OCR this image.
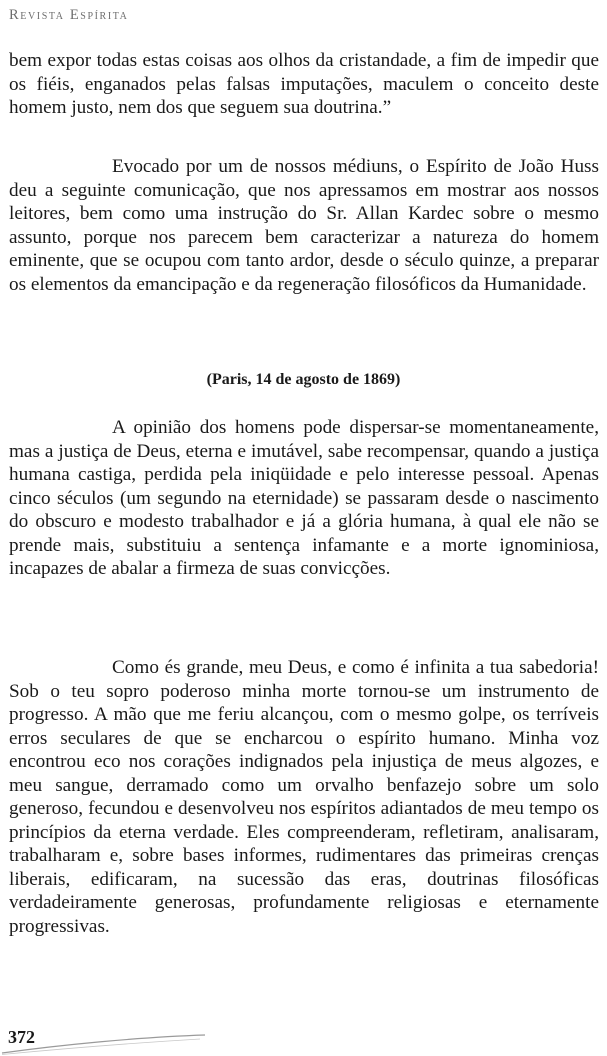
Revista Espírita

bem expor todas estas coisas aos olhos da cristandade, a fim de impedir que os fiéis, enganados pelas falsas imputações, maculem o conceito deste homem justo, nem dos que seguem sua doutrina.”

Evocado por um de nossos médiuns, o Espírito de João Huss deu a seguinte comunicação, que nos apressamos em mostrar aos nossos leitores, bem como uma instrução do Sr. Allan Kardec sobre o mesmo assunto, porque nos parecem bem caracterizar a natureza do homem eminente, que se ocupou com tanto ardor, desde o século quinze, a preparar os elementos da emancipação e da regeneração filosóficos da Humanidade.

(Paris, 14 de agosto de 1869)

A opinião dos homens pode dispersar-se momentaneamente, mas a justiça de Deus, eterna e imutável, sabe recompensar, quando a justiça humana castiga, perdida pela iniqüidade e pelo interesse pessoal. Apenas cinco séculos (um segundo na eternidade) se passaram desde o nascimento do obscuro e modesto trabalhador e já a glória humana, à qual ele não se prende mais, substituiu a sentença infamante e a morte ignominiosa, incapazes de abalar a firmeza de suas convicções.

Como és grande, meu Deus, e como é infinita a tua sabedoria! Sob o teu sopro poderoso minha morte tornou-se um instrumento de progresso. A mão que me feriu alcançou, com o mesmo golpe, os terríveis erros seculares de que se encharcou o espírito humano. Minha voz encontrou eco nos corações indignados pela injustiça de meus algozes, e meu sangue, derramado como um orvalho benfazejo sobre um solo generoso, fecundou e desenvolveu nos espíritos adiantados de meu tempo os princípios da eterna verdade. Eles compreenderam, refletiram, analisaram, trabalharam e, sobre bases informes, rudimentares das primeiras crenças liberais, edificaram, na sucessão das eras, doutrinas filosóficas verdadeiramente generosas, profundamente religiosas e eternamente progressivas.

372
